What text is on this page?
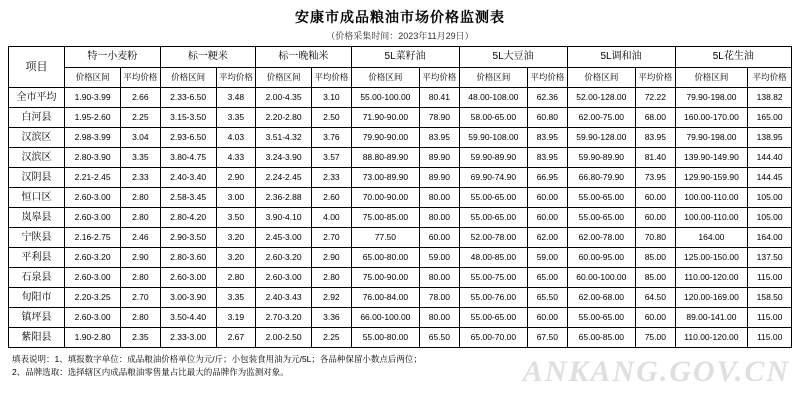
安康市成品粮油市场价格监测表
（价格采集时间：2023年11月29日）
项目	特一小麦粉		标一粳米		标一晚籼米		5L菜籽油		5L大豆油		5L调和油		5L花生油	
	价格区间	平均价格	价格区间	平均价格	价格区间	平均价格	价格区间	平均价格	价格区间	平均价格	价格区间	平均价格	价格区间	平均价格
全市平均	1.90-3.99	2.66	2.33-6.50	3.48	2.00-4.35	3.10	55.00-100.00	80.41	48.00-108.00	62.36	52.00-128.00	72.22	79.90-198.00	138.82
白河县	1.95-2.60	2.25	3.15-3.50	3.35	2.20-2.80	2.50	71.90-90.00	78.90	58.00-65.00	60.80	62.00-75.00	68.00	160.00-170.00	165.00
汉滨区	2.98-3.99	3.04	2.93-6.50	4.03	3.51-4.32	3.76	79.90-90.00	83.95	59.90-108.00	83.95	59.90-128.00	83.95	79.90-198.00	138.95
汉滨区	2.80-3.90	3.35	3.80-4.75	4.33	3.24-3.90	3.57	88.80-89.90	89.90	59.90-89.90	83.95	59.90-89.90	81.40	139.90-149.90	144.40
汉阴县	2.21-2.45	2.33	2.40-3.40	2.90	2.24-2.45	2.33	73.00-89.90	89.90	69.90-74.90	66.95	66.80-79.90	73.95	129.90-159.90	144.45
恒口区	2.60-3.00	2.80	2.58-3.45	3.00	2.36-2.88	2.60	70.00-90.00	80.00	55.00-65.00	60.00	55.00-65.00	60.00	100.00-110.00	105.00
岚皋县	2.60-3.00	2.80	2.80-4.20	3.50	3.90-4.10	4.00	75.00-85.00	80.00	55.00-65.00	60.00	55.00-65.00	60.00	100.00-110.00	105.00
宁陕县	2.16-2.75	2.46	2.90-3.50	3.20	2.45-3.00	2.70	77.50	60.00	52.00-78.00	62.00	62.00-78.00	70.80	164.00	164.00
平利县	2.60-3.20	2.90	2.80-3.60	3.20	2.60-3.20	2.90	65.00-80.00	59.00	48.00-85.00	59.00	60.00-95.00	85.00	125.00-150.00	137.50
石泉县	2.60-3.00	2.80	2.60-3.00	2.80	2.60-3.00	2.80	75.00-90.00	80.00	55.00-75.00	65.00	60.00-100.00	85.00	110.00-120.00	115.00
旬阳市	2.20-3.25	2.70	3.00-3.90	3.35	2.40-3.43	2.92	76.00-84.00	78.00	55.00-76.00	65.50	62.00-68.00	64.50	120.00-169.00	158.50
镇坪县	2.60-3.00	2.80	3.50-4.40	3.19	2.70-3.20	3.36	66.00-100.00	80.00	55.00-65.00	60.00	55.00-65.00	60.00	89.00-141.00	115.00
紫阳县	1.90-2.80	2.35	2.33-3.00	2.67	2.00-2.50	2.25	55.00-80.00	65.50	65.00-70.00	67.50	65.00-85.00	75.00	110.00-120.00	115.00
填表说明：1、填报数字单位：成品粮油价格单位为元/斤；小包装食用油为元/5L；各品种保留小数点后两位；
2、品牌选取：选择辖区内成品粮油零售量占比最大的品牌作为监测对象。	ANKANG.GOV.CN
